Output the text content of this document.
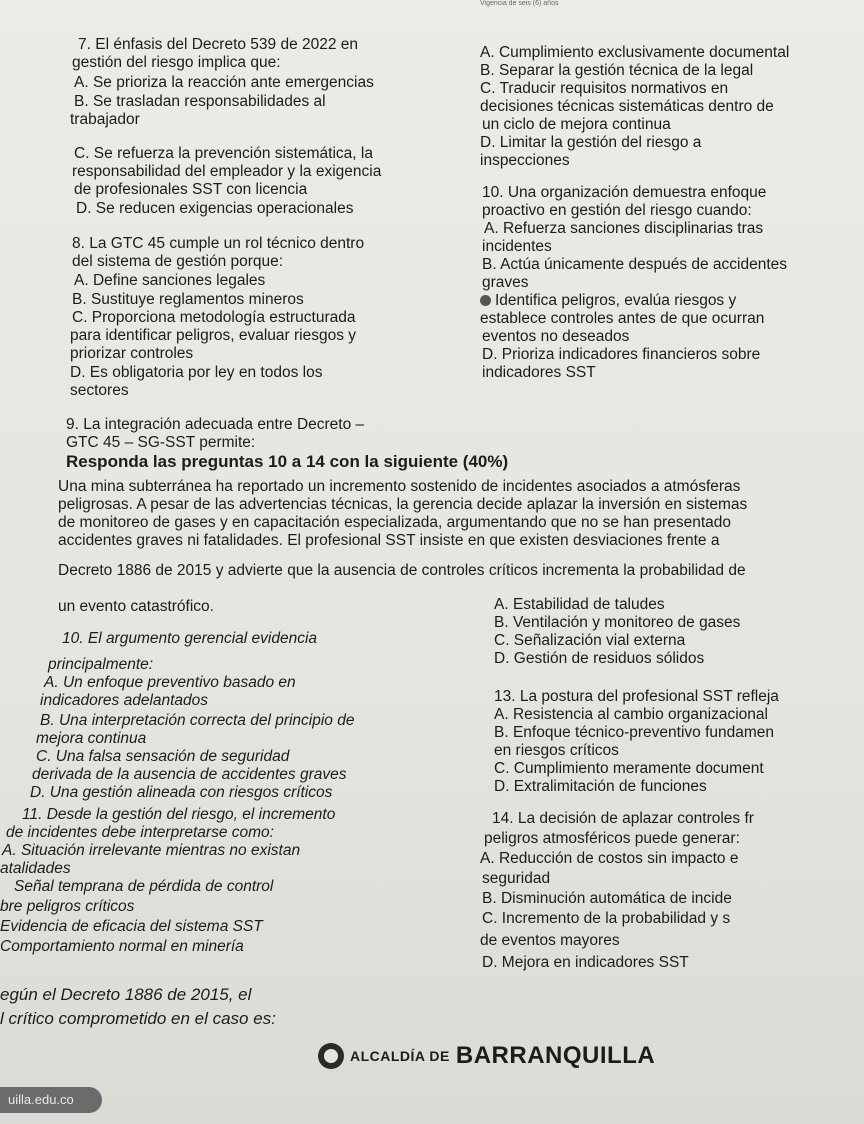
Vigencia de seis (6) años
7. El énfasis del Decreto 539 de 2022 en
gestión del riesgo implica que:
A. Se prioriza la reacción ante emergencias
B. Se trasladan responsabilidades al
trabajador
C. Se refuerza la prevención sistemática, la
responsabilidad del empleador y la exigencia
de profesionales SST con licencia
D. Se reducen exigencias operacionales
8. La GTC 45 cumple un rol técnico dentro
del sistema de gestión porque:
A. Define sanciones legales
B. Sustituye reglamentos mineros
C. Proporciona metodología estructurada
para identificar peligros, evaluar riesgos y
priorizar controles
D. Es obligatoria por ley en todos los
sectores
9. La integración adecuada entre Decreto –
GTC 45 – SG-SST permite:
A. Cumplimiento exclusivamente documental
B. Separar la gestión técnica de la legal
C. Traducir requisitos normativos en
decisiones técnicas sistemáticas dentro de
un ciclo de mejora continua
D. Limitar la gestión del riesgo a
inspecciones
10. Una organización demuestra enfoque
proactivo en gestión del riesgo cuando:
A. Refuerza sanciones disciplinarias tras
incidentes
B. Actúa únicamente después de accidentes
graves
Identifica peligros, evalúa riesgos y
establece controles antes de que ocurran
eventos no deseados
D. Prioriza indicadores financieros sobre
indicadores SST
Responda las preguntas 10 a 14 con la siguiente (40%)
Una mina subterránea ha reportado un incremento sostenido de incidentes asociados a atmósferas
peligrosas. A pesar de las advertencias técnicas, la gerencia decide aplazar la inversión en sistemas
de monitoreo de gases y en capacitación especializada, argumentando que no se han presentado
accidentes graves ni fatalidades. El profesional SST insiste en que existen desviaciones frente a
Decreto 1886 de 2015 y advierte que la ausencia de controles críticos incrementa la probabilidad de
un evento catastrófico.	A. Estabilidad de taludes
B. Ventilación y monitoreo de gases
C. Señalización vial externa
D. Gestión de residuos sólidos
10. El argumento gerencial evidencia
principalmente:
A. Un enfoque preventivo basado en
indicadores adelantados
B. Una interpretación correcta del principio de
mejora continua
C. Una falsa sensación de seguridad
derivada de la ausencia de accidentes graves
D. Una gestión alineada con riesgos críticos
13. La postura del profesional SST refleja
A. Resistencia al cambio organizacional
B. Enfoque técnico-preventivo fundamen
en riesgos críticos
C. Cumplimiento meramente document
D. Extralimitación de funciones
11. Desde la gestión del riesgo, el incremento
de incidentes debe interpretarse como:
A. Situación irrelevante mientras no existan
atalidades
Señal temprana de pérdida de control
bre peligros críticos
Evidencia de eficacia del sistema SST
Comportamiento normal en minería
14. La decisión de aplazar controles fr
peligros atmosféricos puede generar:
A. Reducción de costos sin impacto e
seguridad
B. Disminución automática de incide
C. Incremento de la probabilidad y s
de eventos mayores
D. Mejora en indicadores SST
egún el Decreto 1886 de 2015, el
l crítico comprometido en el caso es:
ALCALDÍA DE BARRANQUILLA
uilla.edu.co
